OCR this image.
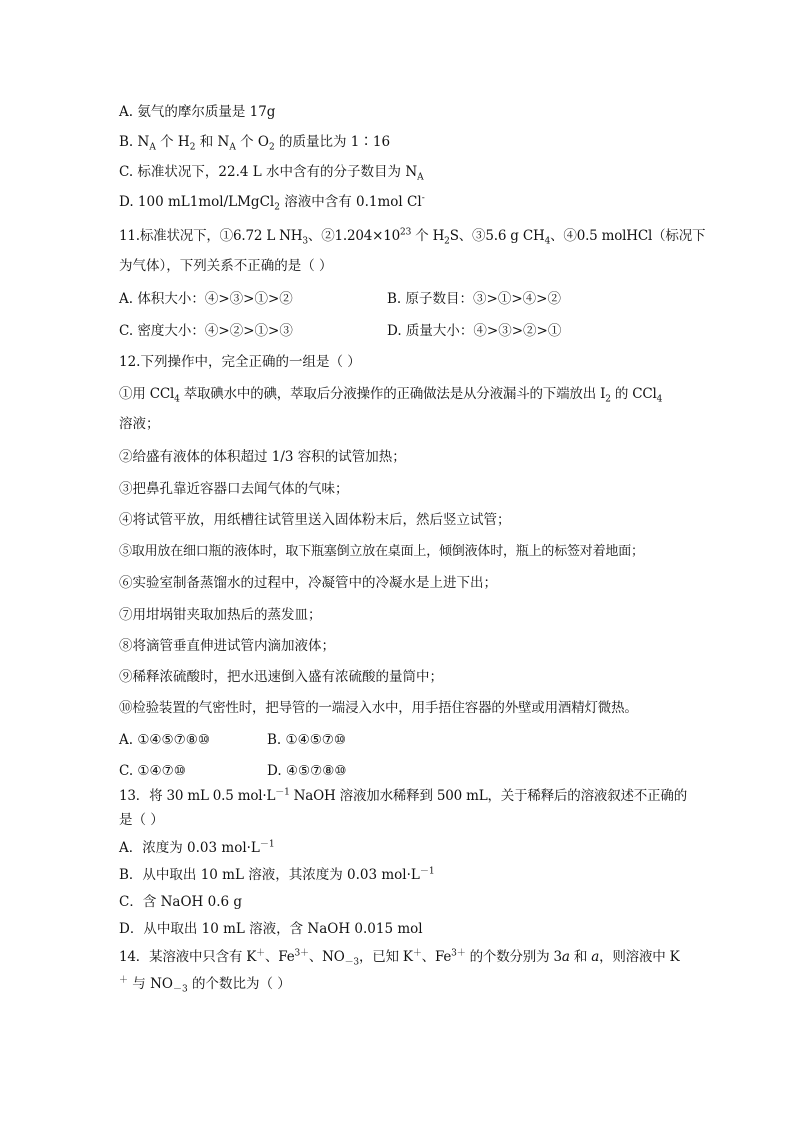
A. 氨气的摩尔质量是 17g
B. $N_A$ 个 $H_2$ 和 $N_A$ 个 $O_2$ 的质量比为 1∶16
C. 标准状况下，22.4 L 水中含有的分子数目为 $N_A$
D. 100 mL1mol/LMgCl$_2$ 溶液中含有 0.1mol Cl-
11.标准状况下，①6.72 L $NH_3$、$②1.204\times 10^{23}$ 个 $H_2S$、③5.6 g $CH_4$、④0.5 molHCl（标况下
为气体），下列关系不正确的是（ ）
A. 体积大小：④>③>①>②	B. 原子数目：③>①>④>②
C. 密度大小：④>②>①>③	D. 质量大小：④>③>②>①
12.下列操作中，完全正确的一组是（ ）
①用 CCl$_4$ 萃取碘水中的碘，萃取后分液操作的正确做法是从分液漏斗的下端放出 $I_2$ 的 CCl$_4$
溶液；
②给盛有液体的体积超过 1/3 容积的试管加热；
③把鼻孔靠近容器口去闻气体的气味；
④将试管平放，用纸槽往试管里送入固体粉末后，然后竖立试管；
⑤取用放在细口瓶的液体时，取下瓶塞倒立放在桌面上，倾倒液体时，瓶上的标签对着地面；
⑥实验室制备蒸馏水的过程中，冷凝管中的冷凝水是上进下出；
⑦用坩埚钳夹取加热后的蒸发皿；
⑧将滴管垂直伸进试管内滴加液体；
⑨稀释浓硫酸时，把水迅速倒入盛有浓硫酸的量筒中；
⑩检验装置的气密性时，把导管的一端浸入水中，用手捂住容器的外壁或用酒精灯微热。
A. ①④⑤⑦⑧⑩	B. ①④⑤⑦⑩
C. ①④⑦⑩	D. ④⑤⑦⑧⑩
13．将 30 mL 0.5 $mol\cdot L^{-1}$ NaOH 溶液加水稀释到 500 mL，关于稀释后的溶液叙述不正确的
是（ ）
A．浓度为 0.03 $mol\cdot L^{-1}$
B．从中取出 10 mL 溶液，其浓度为 0.03 $mol\cdot L^{-1}$
C．含 NaOH 0.6 g
D．从中取出 10 mL 溶液，含 NaOH 0.015 mol
14．某溶液中只含有 K＋、$Fe^{3+}$、$NO_{-3}$，已知 K＋、$Fe^{3+}$ 的个数分别为 3a 和 a，则溶液中 K
＋ 与 $NO_{-3}$ 的个数比为（ ）
